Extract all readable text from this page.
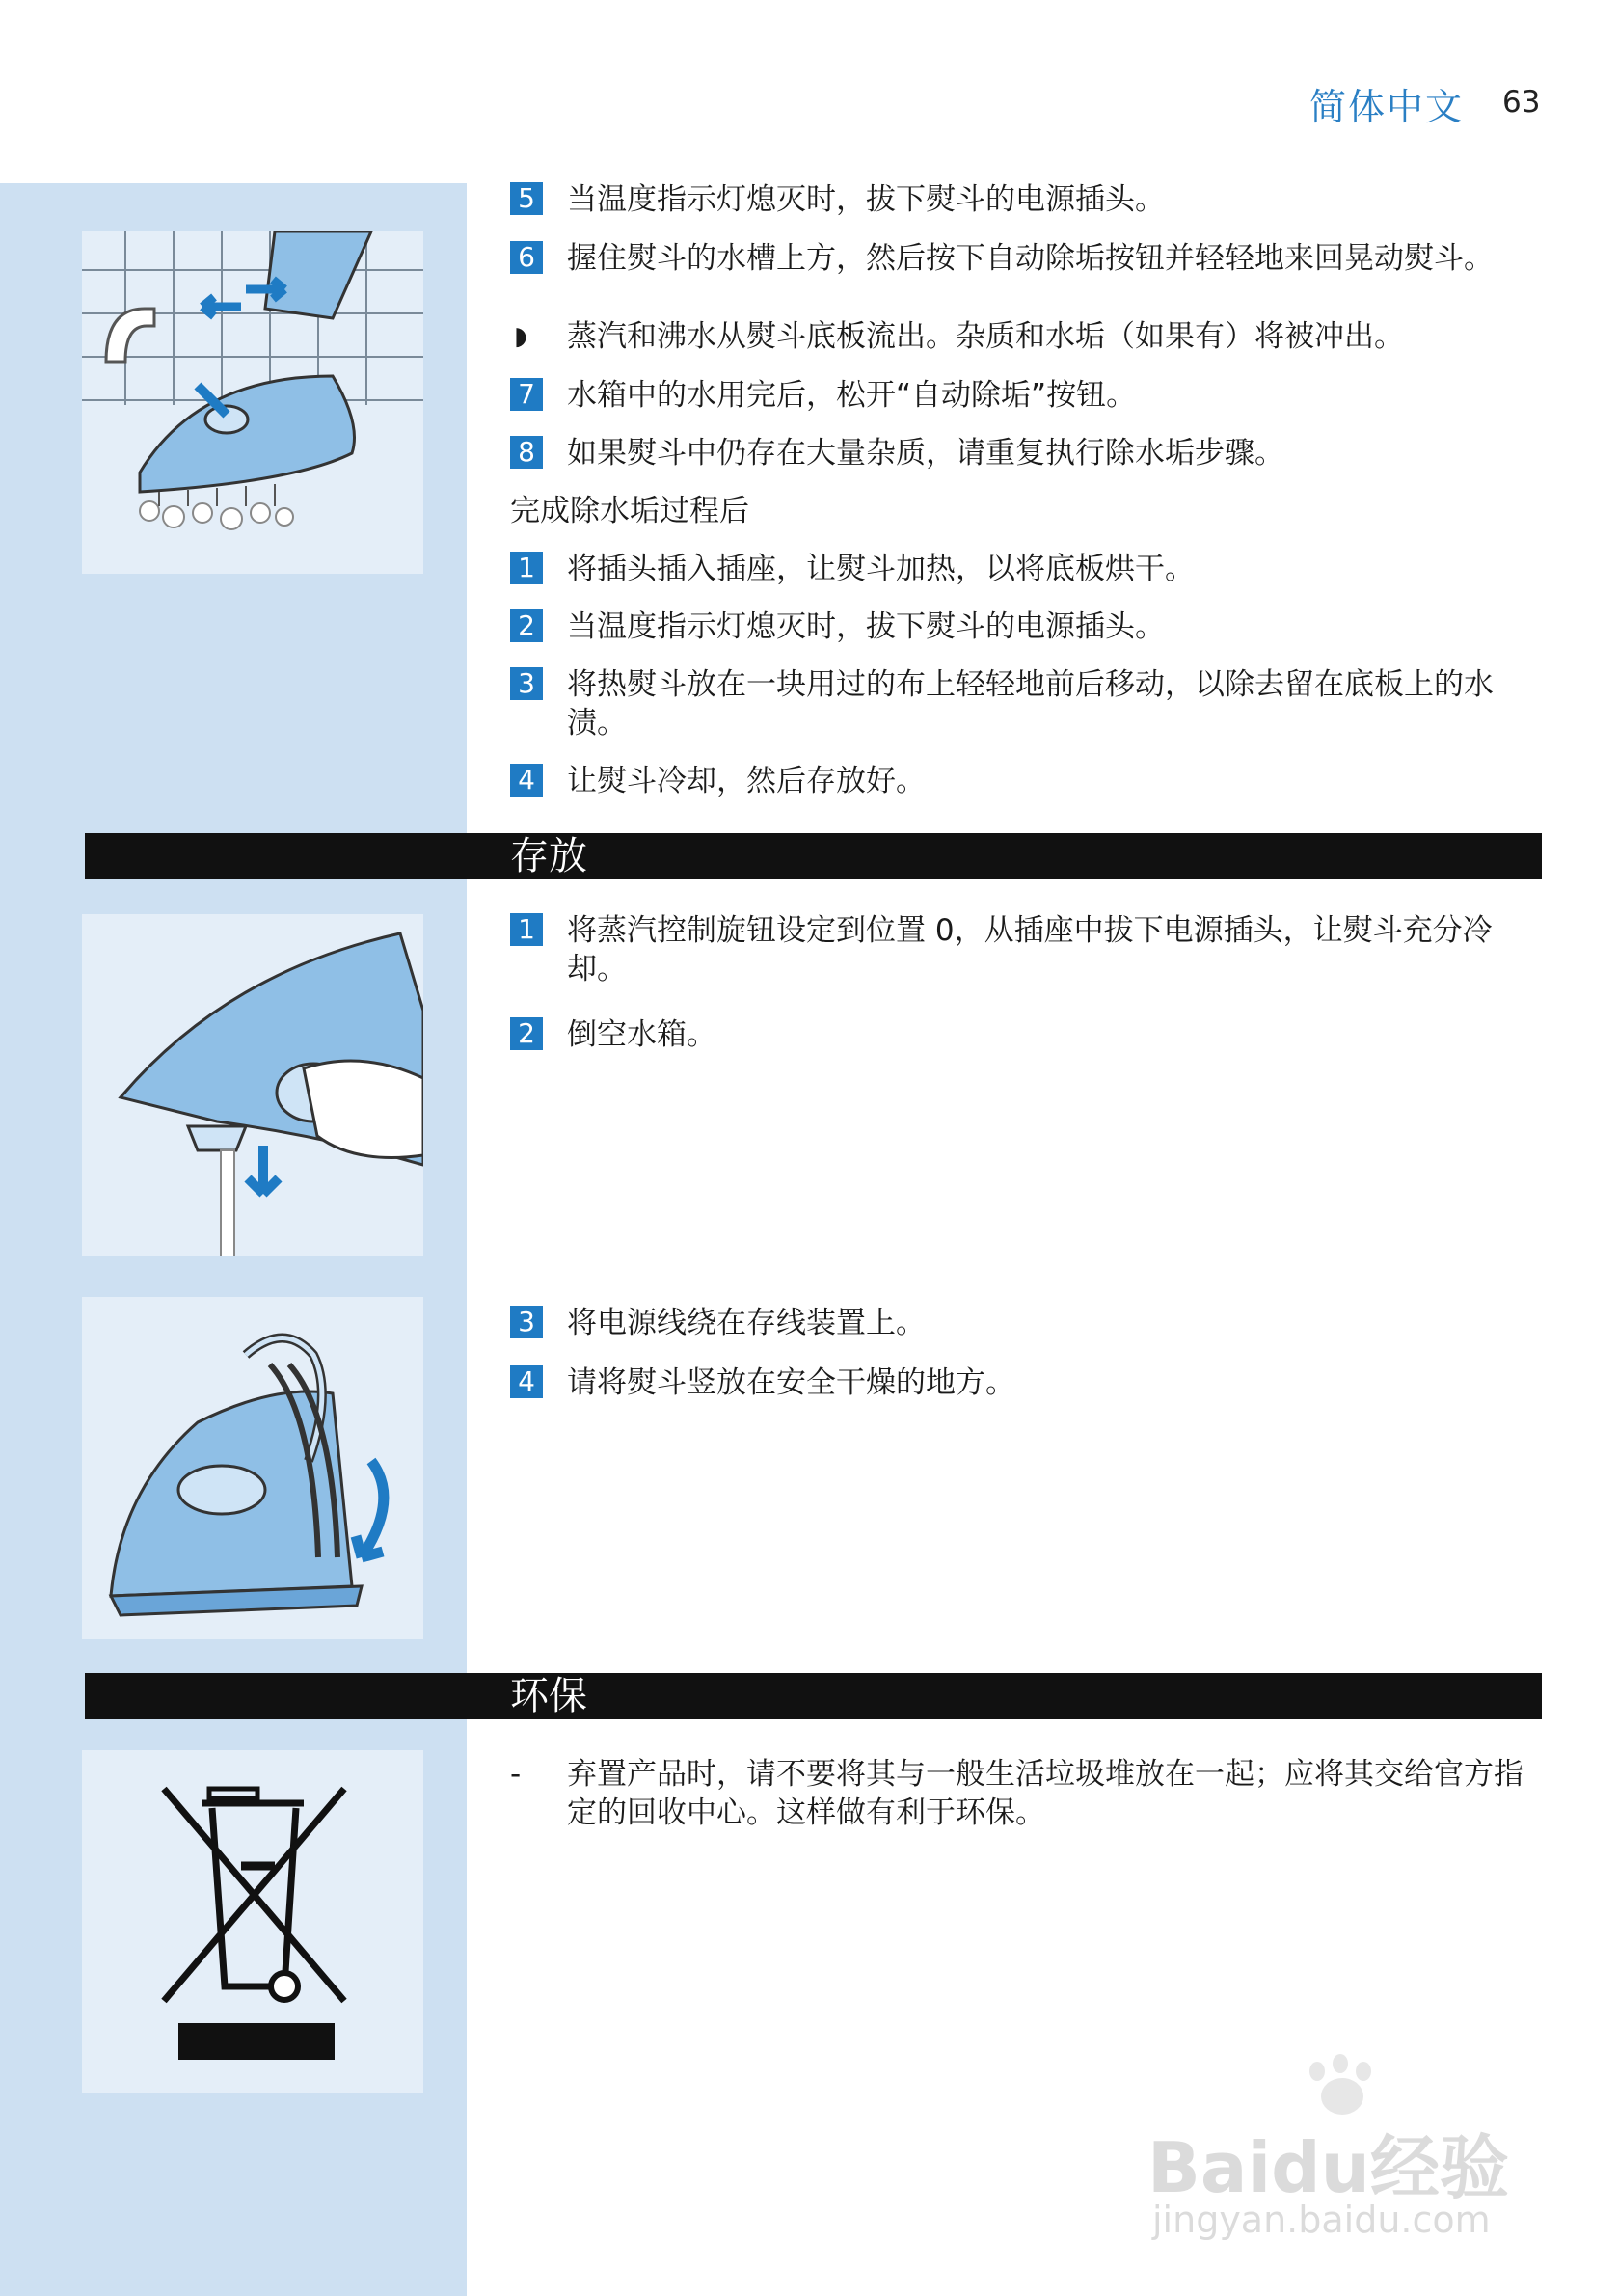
简体中文 63
5 当温度指示灯熄灭时，拔下熨斗的电源插头。
6 握住熨斗的水槽上方，然后按下自动除垢按钮并轻轻地来回晃动熨斗。
◗ 蒸汽和沸水从熨斗底板流出。杂质和水垢（如果有）将被冲出。
7 水箱中的水用完后，松开“自动除垢”按钮。
8 如果熨斗中仍存在大量杂质，请重复执行除水垢步骤。
完成除水垢过程后
1 将插头插入插座，让熨斗加热，以将底板烘干。
2 当温度指示灯熄灭时，拔下熨斗的电源插头。
3 将热熨斗放在一块用过的布上轻轻地前后移动，以除去留在底板上的水渍。
4 让熨斗冷却，然后存放好。
存放
1 将蒸汽控制旋钮设定到位置 0，从插座中拔下电源插头，让熨斗充分冷却。
2 倒空水箱。
3 将电源线绕在存线装置上。
4 请将熨斗竖放在安全干燥的地方。
环保
- 弃置产品时，请不要将其与一般生活垃圾堆放在一起；应将其交给官方指定的回收中心。这样做有利于环保。
Baidu经验
jingyan.baidu.com
